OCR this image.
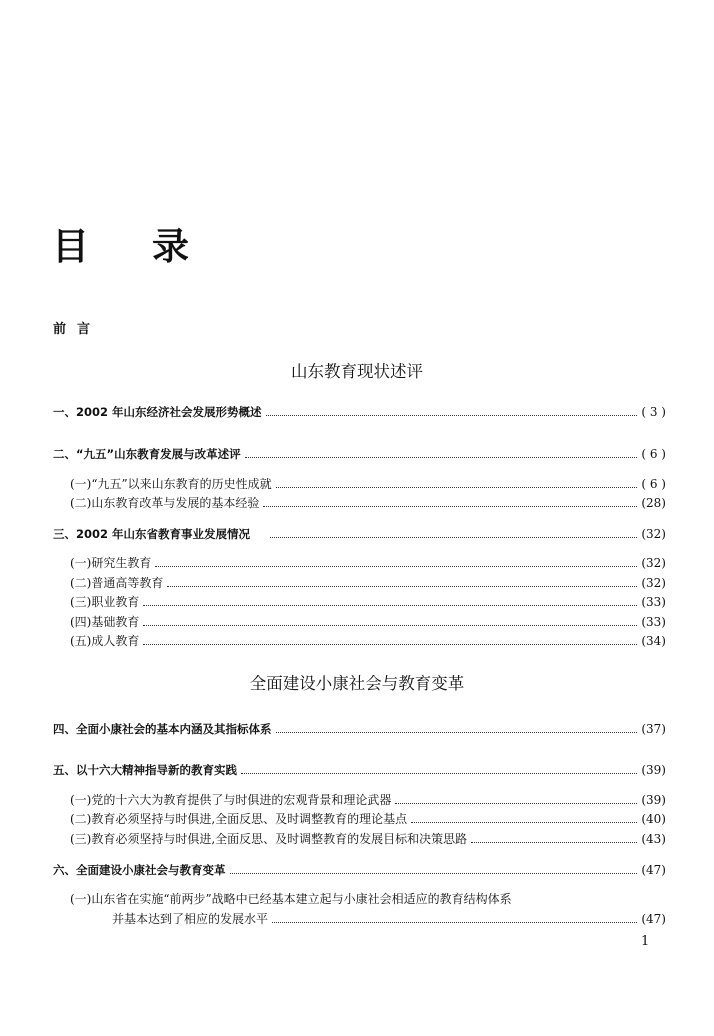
目 录
前言
山东教育现状述评
一、2002 年山东经济社会发展形势概述	( 3 )
二、“九五”山东教育发展与改革述评	( 6 )
(一)“九五”以来山东教育的历史性成就	( 6 )
(二)山东教育改革与发展的基本经验	(28)
三、2002 年山东省教育事业发展情况	(32)
(一)研究生教育	(32)
(二)普通高等教育	(32)
(三)职业教育	(33)
(四)基础教育	(33)
(五)成人教育	(34)
全面建设小康社会与教育变革
四、全面小康社会的基本内涵及其指标体系	(37)
五、以十六大精神指导新的教育实践	(39)
(一)党的十六大为教育提供了与时俱进的宏观背景和理论武器	(39)
(二)教育必须坚持与时俱进,全面反思、及时调整教育的理论基点	(40)
(三)教育必须坚持与时俱进,全面反思、及时调整教育的发展目标和决策思路	(43)
六、全面建设小康社会与教育变革	(47)
(一)山东省在实施“前两步”战略中已经基本建立起与小康社会相适应的教育结构体系
并基本达到了相应的发展水平	(47)
1
